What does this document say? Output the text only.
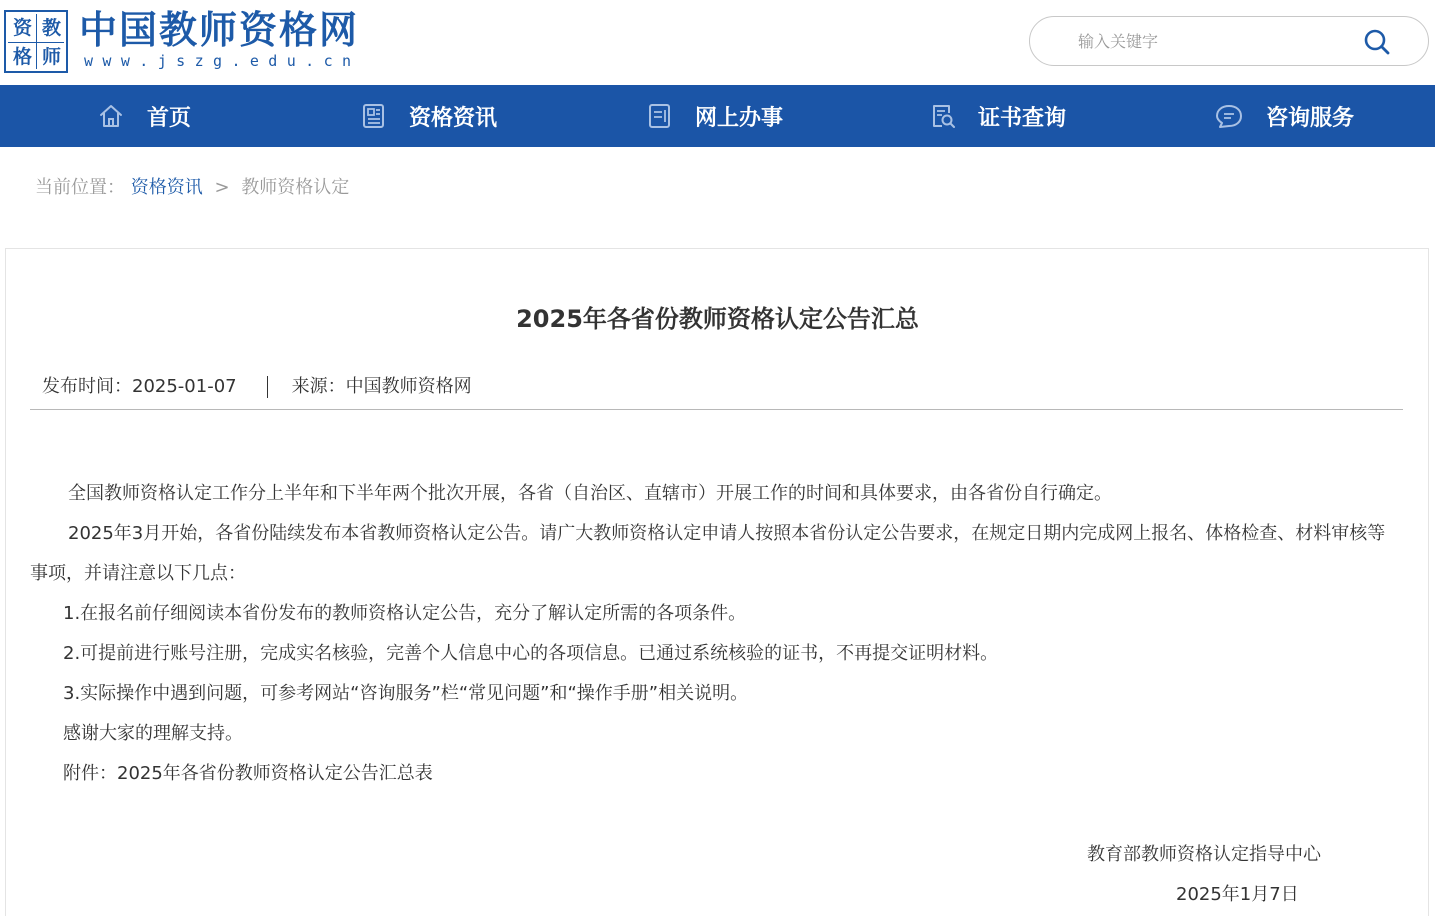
资 教
格 师
中国教师资格网
www.jszg.edu.cn
输入关键字
首页	资格资讯	网上办事	证书查询	咨询服务
当前位置： 资格资讯 > 教师资格认定
2025年各省份教师资格认定公告汇总
发布时间： 2025-01-07	来源： 中国教师资格网

全国教师资格认定工作分上半年和下半年两个批次开展，各省（自治区、直辖市）开展工作的时间和具体要求，由各省份自行确定。

2025年3月开始，各省份陆续发布本省教师资格认定公告。请广大教师资格认定申请人按照本省份认定公告要求，在规定日期内完成网上报名、体格检查、材料审核等事项，并请注意以下几点：

1.在报名前仔细阅读本省份发布的教师资格认定公告，充分了解认定所需的各项条件。

2.可提前进行账号注册，完成实名核验，完善个人信息中心的各项信息。已通过系统核验的证书，不再提交证明材料。

3.实际操作中遇到问题，可参考网站“咨询服务”栏“常见问题”和“操作手册”相关说明。

感谢大家的理解支持。

附件：2025年各省份教师资格认定公告汇总表

教育部教师资格认定指导中心
2025年1月7日
